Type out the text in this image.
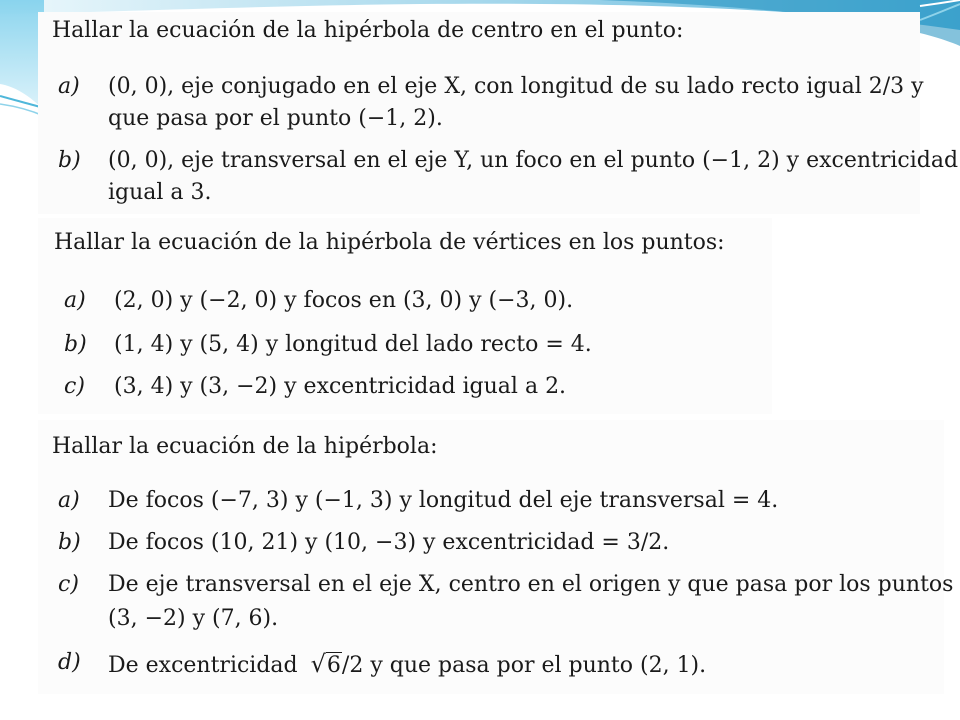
Hallar la ecuación de la hipérbola de centro en el punto:
a) (0, 0), eje conjugado en el eje X, con longitud de su lado recto igual 2/3 y
que pasa por el punto (−1, 2).
b) (0, 0), eje transversal en el eje Y, un foco en el punto (−1, 2) y excentricidad
igual a 3.
Hallar la ecuación de la hipérbola de vértices en los puntos:
a) (2, 0) y (−2, 0) y focos en (3, 0) y (−3, 0).
b) (1, 4) y (5, 4) y longitud del lado recto = 4.
c) (3, 4) y (3, −2) y excentricidad igual a 2.
Hallar la ecuación de la hipérbola:
a) De focos (−7, 3) y (−1, 3) y longitud del eje transversal = 4.
b) De focos (10, 21) y (10, −3) y excentricidad = 3/2.
c) De eje transversal en el eje X, centro en el origen y que pasa por los puntos
(3, −2) y (7, 6).
d) De excentricidad √6/2 y que pasa por el punto (2, 1).
